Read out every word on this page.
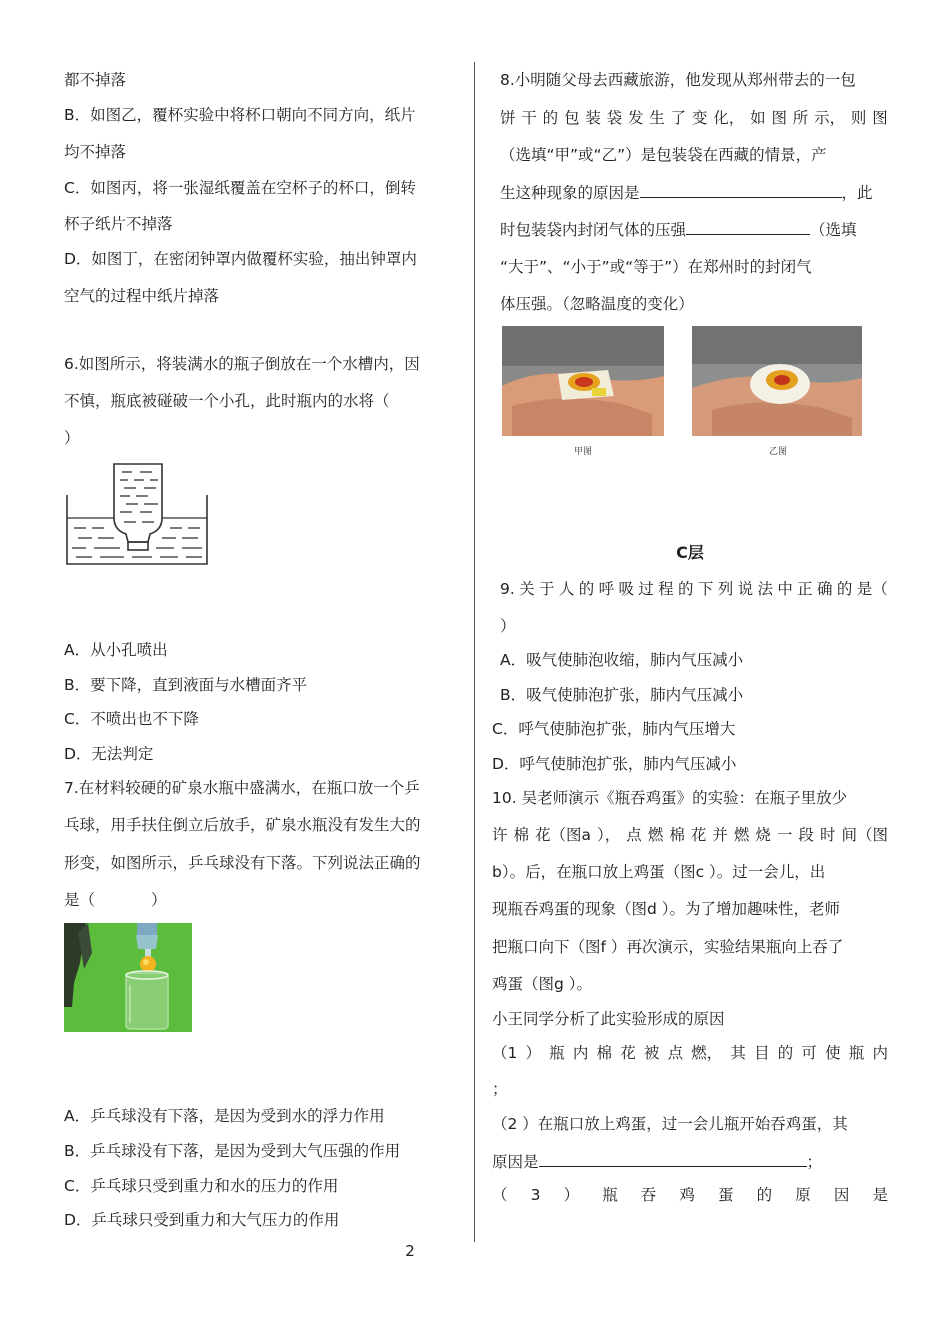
都不掉落
B．如图乙，覆杯实验中将杯口朝向不同方向，纸片
均不掉落
C．如图丙，将一张湿纸覆盖在空杯子的杯口，倒转
杯子纸片不掉落
D．如图丁，在密闭钟罩内做覆杯实验，抽出钟罩内
空气的过程中纸片掉落
6.如图所示，将装满水的瓶子倒放在一个水槽内，因
不慎，瓶底被碰破一个小孔，此时瓶内的水将（
）
A．从小孔喷出
B．要下降，直到液面与水槽面齐平
C．不喷出也不下降
D．无法判定
7.在材料较硬的矿泉水瓶中盛满水，在瓶口放一个乒
乓球，用手扶住倒立后放手，矿泉水瓶没有发生大的
形变，如图所示，乒乓球没有下落。下列说法正确的
是（	）
A．乒乓球没有下落，是因为受到水的浮力作用
B．乒乓球没有下落，是因为受到大气压强的作用
C．乒乓球只受到重力和水的压力的作用
D．乒乓球只受到重力和大气压力的作用
8.小明随父母去西藏旅游，他发现从郑州带去的一包
饼 干 的 包 装 袋 发 生 了 变 化， 如 图 所 示， 则 图
（选填“甲”或“乙”）是包装袋在西藏的情景，产
生这种现象的原因是	，此
时包装袋内封闭气体的压强	（选填
“大于”、“小于”或“等于”）在郑州时的封闭气
体压强。（忽略温度的变化）
甲图	乙图
C层
9. 关 于 人 的 呼 吸 过 程 的 下 列 说 法 中 正 确 的 是（
）
A．吸气使肺泡收缩，肺内气压减小
B．吸气使肺泡扩张，肺内气压减小
C．呼气使肺泡扩张，肺内气压增大
D．呼气使肺泡扩张，肺内气压减小
10. 吴老师演示《瓶吞鸡蛋》的实验：在瓶子里放少
许 棉 花（图a ）， 点 燃 棉 花 并 燃 烧 一 段 时 间（图
b）。后，在瓶口放上鸡蛋（图c ）。过一会儿，出
现瓶吞鸡蛋的现象（图d ）。为了增加趣味性，老师
把瓶口向下（图f ）再次演示，实验结果瓶向上吞了
鸡蛋（图g ）。
小王同学分析了此实验形成的原因
（1 ） 瓶 内 棉 花 被 点 燃， 其 目 的 可 使 瓶 内
；
（2 ）在瓶口放上鸡蛋，过一会儿瓶开始吞鸡蛋，其
原因是	；
（ 3 ） 瓶 吞 鸡 蛋 的 原 因 是
2
